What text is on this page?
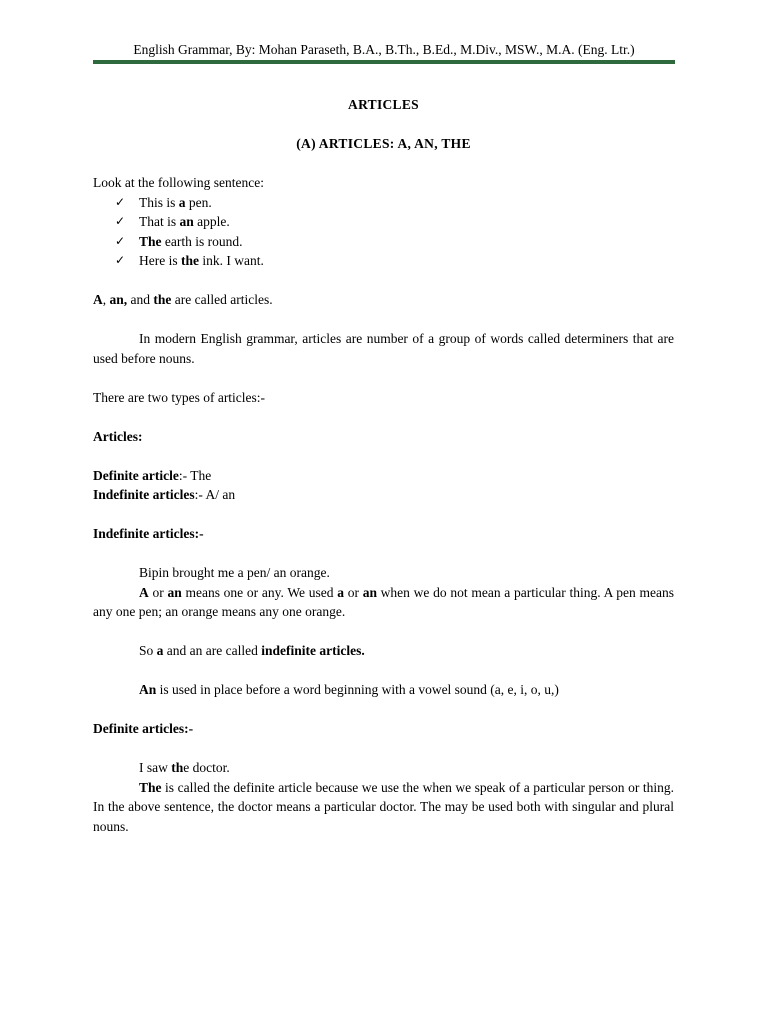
English Grammar, By: Mohan Paraseth, B.A., B.Th., B.Ed., M.Div., MSW., M.A. (Eng. Ltr.)

ARTICLES

(A) ARTICLES: A, AN, THE

Look at the following sentence:

✓ This is a pen.
✓ That is an apple.
✓ The earth is round.
✓ Here is the ink. I want.

A, an, and the are called articles.

In modern English grammar, articles are number of a group of words called determiners that are used before nouns.

There are two types of articles:-

Articles:

Definite article:- The

Indefinite articles:- A/ an

Indefinite articles:-

Bipin brought me a pen/ an orange.

A or an means one or any. We used a or an when we do not mean a particular thing. A pen means any one pen; an orange means any one orange.

So a and an are called indefinite articles.

An is used in place before a word beginning with a vowel sound (a, e, i, o, u,)

Definite articles:-

I saw the doctor.

The is called the definite article because we use the when we speak of a particular person or thing. In the above sentence, the doctor means a particular doctor. The may be used both with singular and plural nouns.
